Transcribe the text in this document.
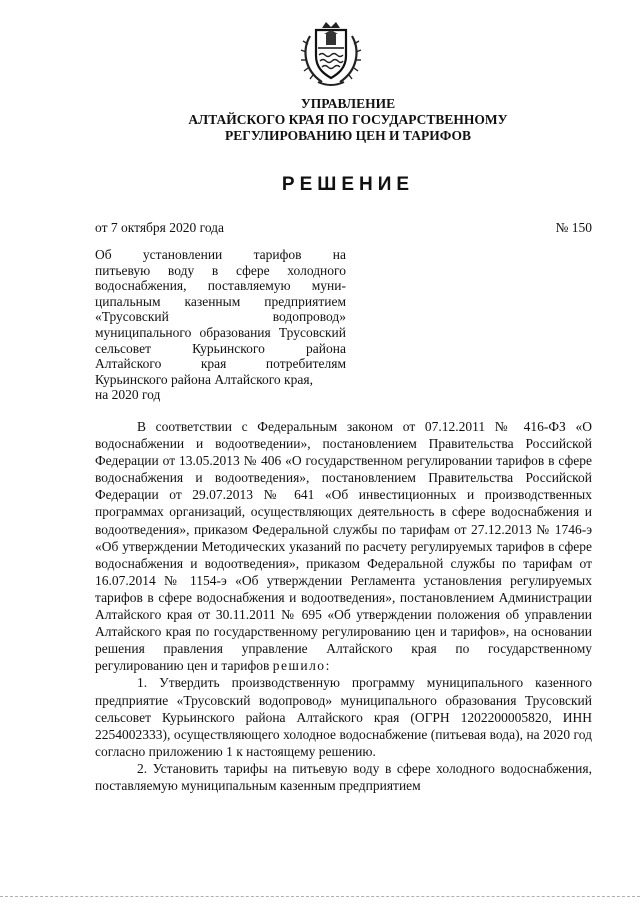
УПРАВЛЕНИЕ
АЛТАЙСКОГО КРАЯ ПО ГОСУДАРСТВЕННОМУ
РЕГУЛИРОВАНИЮ ЦЕН И ТАРИФОВ
РЕШЕНИЕ
от 7 октября 2020 года	№ 150
Об установлении тарифов на
питьевую воду в сфере холодного
водоснабжения, поставляемую муни-
ципальным казенным предприятием
«Трусовский водопровод»
муниципального образования Трусовский
сельсовет Курьинского района
Алтайского края потребителям
Курьинского района Алтайского края,
на 2020 год

В соответствии с Федеральным законом от 07.12.2011 № 416-ФЗ «О водоснабжении и водоотведении», постановлением Правительства Российской Федерации от 13.05.2013 № 406 «О государственном регулировании тарифов в сфере водоснабжения и водоотведения», постановлением Правительства Российской Федерации от 29.07.2013 № 641 «Об инвестиционных и производственных программах организаций, осуществляющих деятельность в сфере водоснабжения и водоотведения», приказом Федеральной службы по тарифам от 27.12.2013 № 1746-э «Об утверждении Методических указаний по расчету регулируемых тарифов в сфере водоснабжения и водоотведения», приказом Федеральной службы по тарифам от 16.07.2014 № 1154-э «Об утверждении Регламента установления регулируемых тарифов в сфере водоснабжения и водоотведения», постановлением Администрации Алтайского края от 30.11.2011 № 695 «Об утверждении положения об управлении Алтайского края по государственному регулированию цен и тарифов», на основании решения правления управление Алтайского края по государственному регулированию цен и тарифов решило:

1. Утвердить производственную программу муниципального казенного предприятие «Трусовский водопровод» муниципального образования Трусовский сельсовет Курьинского района Алтайского края (ОГРН 1202200005820, ИНН 2254002333), осуществляющего холодное водоснабжение (питьевая вода), на 2020 год согласно приложению 1 к настоящему решению.

2. Установить тарифы на питьевую воду в сфере холодного водоснабжения, поставляемую муниципальным казенным предприятием
